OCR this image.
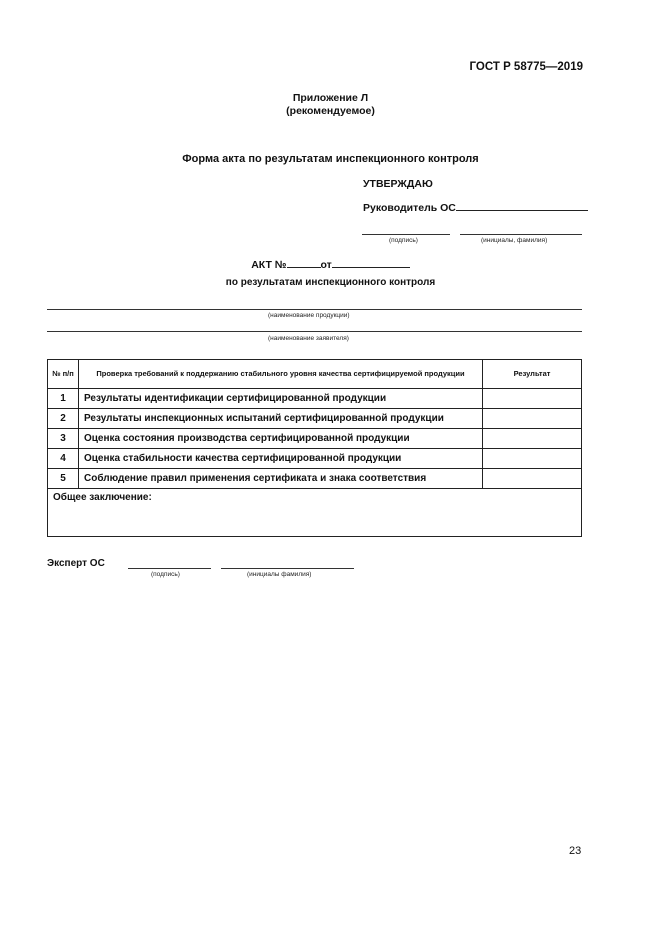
ГОСТ Р 58775—2019
Приложение Л
(рекомендуемое)
Форма акта по результатам инспекционного контроля
УТВЕРЖДАЮ
Руководитель ОС
(подпись)	(инициалы, фамилия)
АКТ №	от
по результатам инспекционного контроля
(наименование продукции)
(наименование заявителя)
№ п/п	Проверка требований к поддержанию стабильного уровня качества сертифицируемой продукции	Результат
1	Результаты идентификации сертифицированной продукции	
2	Результаты инспекционных испытаний сертифицированной продукции	
3	Оценка состояния производства сертифицированной продукции	
4	Оценка стабильности качества сертифицированной продукции	
5	Соблюдение правил применения сертификата и знака соответствия	
Общее заключение:		
Эксперт ОС
(подпись)	(инициалы фамилия)
23
